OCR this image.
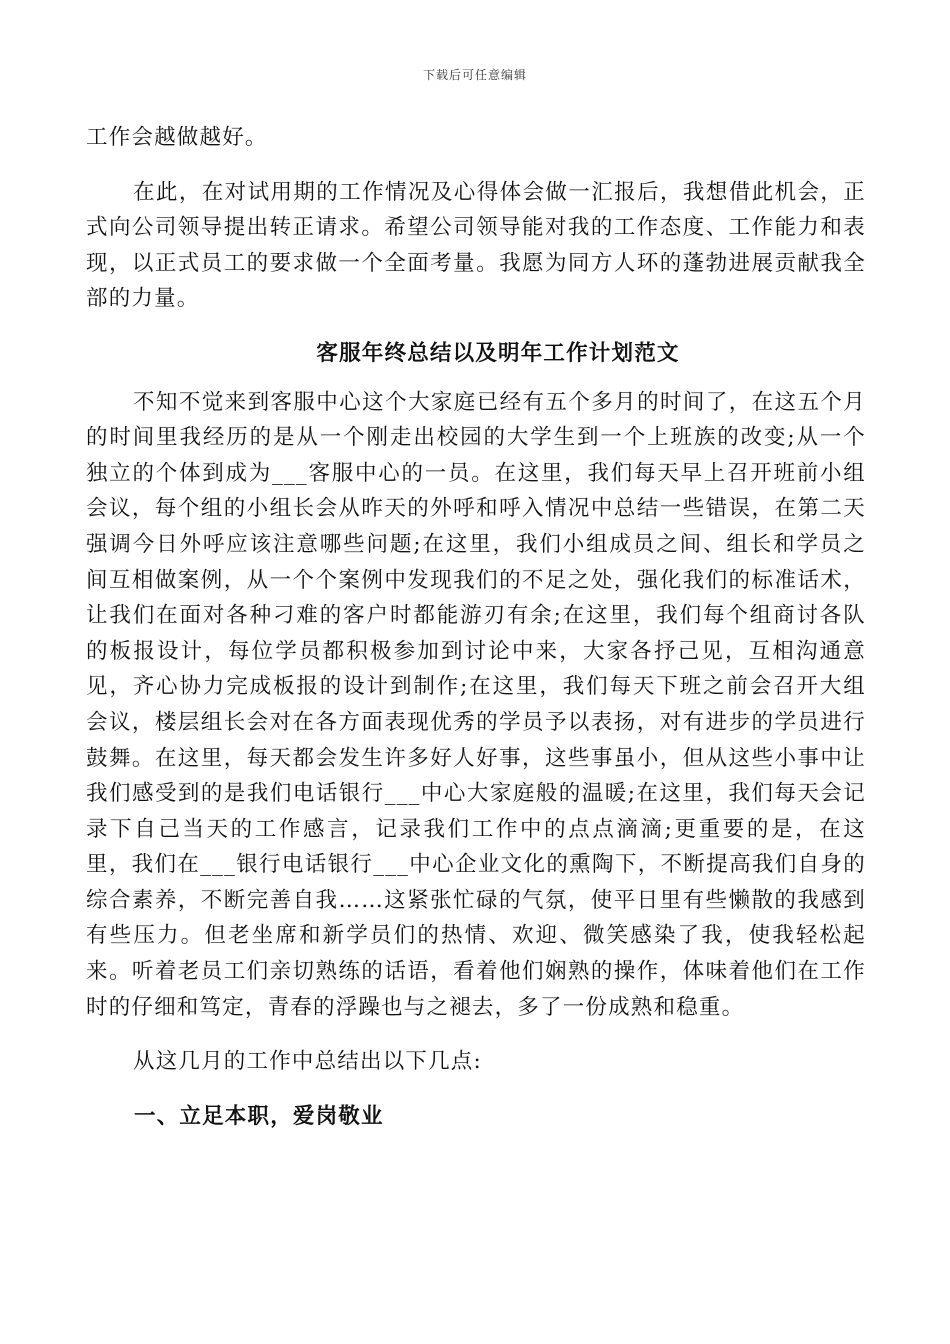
下载后可任意编辑

工作会越做越好。

在此，在对试用期的工作情况及心得体会做一汇报后，我想借此机会，正式向公司领导提出转正请求。希望公司领导能对我的工作态度、工作能力和表现，以正式员工的要求做一个全面考量。我愿为同方人环的蓬勃进展贡献我全部的力量。

客服年终总结以及明年工作计划范文

不知不觉来到客服中心这个大家庭已经有五个多月的时间了，在这五个月的时间里我经历的是从一个刚走出校园的大学生到一个上班族的改变;从一个独立的个体到成为___客服中心的一员。在这里，我们每天早上召开班前小组会议，每个组的小组长会从昨天的外呼和呼入情况中总结一些错误，在第二天强调今日外呼应该注意哪些问题;在这里，我们小组成员之间、组长和学员之间互相做案例，从一个个案例中发现我们的不足之处，强化我们的标准话术，让我们在面对各种刁难的客户时都能游刃有余;在这里，我们每个组商讨各队的板报设计，每位学员都积极参加到讨论中来，大家各抒己见，互相沟通意见，齐心协力完成板报的设计到制作;在这里，我们每天下班之前会召开大组会议，楼层组长会对在各方面表现优秀的学员予以表扬，对有进步的学员进行鼓舞。在这里，每天都会发生许多好人好事，这些事虽小，但从这些小事中让我们感受到的是我们电话银行___中心大家庭般的温暖;在这里，我们每天会记录下自己当天的工作感言，记录我们工作中的点点滴滴;更重要的是，在这里，我们在___银行电话银行___中心企业文化的熏陶下，不断提高我们自身的综合素养，不断完善自我……这紧张忙碌的气氛，使平日里有些懒散的我感到有些压力。但老坐席和新学员们的热情、欢迎、微笑感染了我，使我轻松起来。听着老员工们亲切熟练的话语，看着他们娴熟的操作，体味着他们在工作时的仔细和笃定，青春的浮躁也与之褪去，多了一份成熟和稳重。

从这几月的工作中总结出以下几点:

一、立足本职，爱岗敬业
